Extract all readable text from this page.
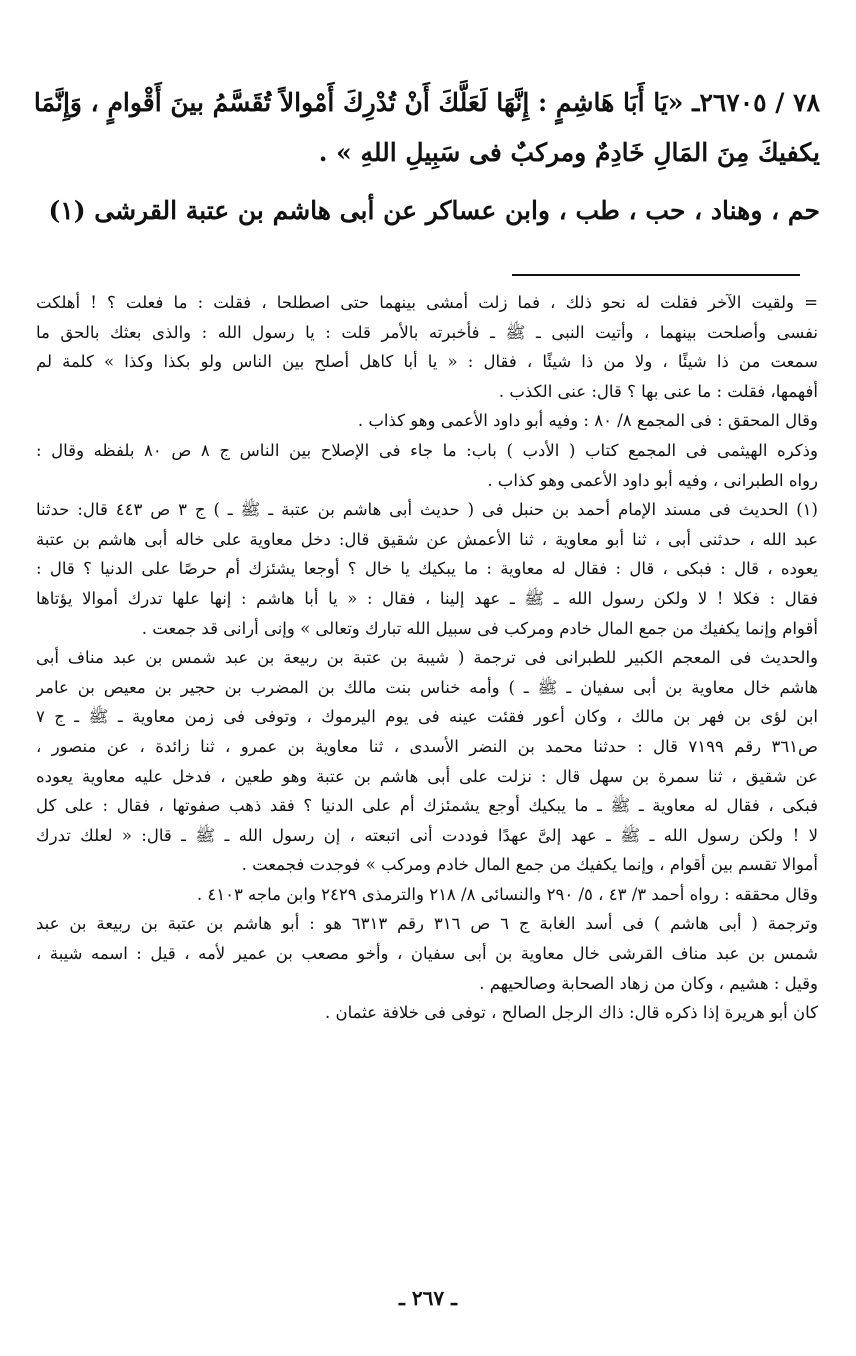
٧٨ / ٢٦٧٠٥ـ «يَا أَبَا هَاشِمٍ : إِنَّهَا لَعَلَّكَ أَنْ تُدْرِكَ أَمْوالاً تُقَسَّمُ بينَ أَقْوامٍ ، وَإِنَّمَا
يكفيكَ مِنَ المَالِ خَادِمٌ ومركبٌ فى سَبِيلِ اللهِ » .
حم ، وهناد ، حب ، طب ، وابن عساكر عن أبى هاشم بن عتبة القرشى (١)
= ولقيت الآخر فقلت له نحو ذلك ، فما زلت أمشى بينهما حتى اصطلحا ، فقلت : ما فعلت ؟ ! أهلكت
نفسى وأصلحت بينهما ، وأتيت النبى ـ ﷺ ـ فأخبرته بالأمر قلت : يا رسول الله : والذى بعثك بالحق ما
سمعت من ذا شيئًا ، ولا من ذا شيئًا ، فقال : « يا أبا كاهل أصلح بين الناس ولو بكذا وكذا » كلمة لم
أفهمها، فقلت : ما عنى بها ؟ قال: عنى الكذب .
وقال المحقق : فى المجمع ٨/ ٨٠ : وفيه أبو داود الأعمى وهو كذاب .
وذكره الهيثمى فى المجمع كتاب ( الأدب ) باب: ما جاء فى الإصلاح بين الناس ج ٨ ص ٨٠ بلفظه وقال :
رواه الطبرانى ، وفيه أبو داود الأعمى وهو كذاب .
(١) الحديث فى مسند الإمام أحمد بن حنبل فى ( حديث أبى هاشم بن عتبة ـ ﷺ ـ ) ج ٣ ص ٤٤٣ قال: حدثنا
عبد الله ، حدثنى أبى ، ثنا أبو معاوية ، ثنا الأعمش عن شقيق قال: دخل معاوية على خاله أبى هاشم بن عتبة
يعوده ، قال : فبكى ، قال : فقال له معاوية : ما يبكيك يا خال ؟ أوجعا يشئزك أم حرصًا على الدنيا ؟ قال :
فقال : فكلا ! لا ولكن رسول الله ـ ﷺ ـ عهد إلينا ، فقال : « يا أبا هاشم : إنها علها تدرك أموالا يؤتاها
أقوام وإنما يكفيك من جمع المال خادم ومركب فى سبيل الله تبارك وتعالى » وإنى أرانى قد جمعت .
والحديث فى المعجم الكبير للطبرانى فى ترجمة ( شيبة بن عتبة بن ربيعة بن عبد شمس بن عبد مناف أبى
هاشم خال معاوية بن أبى سفيان ـ ﷺ ـ ) وأمه خناس بنت مالك بن المضرب بن حجير بن معيص بن عامر
ابن لؤى بن فهر بن مالك ، وكان أعور فقئت عينه فى يوم اليرموك ، وتوفى فى زمن معاوية ـ ﷺ ـ ج ٧
ص٣٦١ رقم ٧١٩٩ قال : حدثنا محمد بن النضر الأسدى ، ثنا معاوية بن عمرو ، ثنا زائدة ، عن منصور ،
عن شقيق ، ثنا سمرة بن سهل قال : نزلت على أبى هاشم بن عتبة وهو طعين ، فدخل عليه معاوية يعوده
فبكى ، فقال له معاوية ـ ﷺ ـ ما يبكيك أوجع يشمئزك أم على الدنيا ؟ فقد ذهب صفوتها ، فقال : على كل
لا ! ولكن رسول الله ـ ﷺ ـ عهد إلىَّ عهدًا فوددت أنى اتبعته ، إن رسول الله ـ ﷺ ـ قال: « لعلك تدرك
أموالا تقسم بين أقوام ، وإنما يكفيك من جمع المال خادم ومركب » فوجدت فجمعت .
وقال محققه : رواه أحمد ٣/ ٤٣ ، ٥/ ٢٩٠ والنسائى ٨/ ٢١٨ والترمذى ٢٤٢٩ وابن ماجه ٤١٠٣ .
وترجمة ( أبى هاشم ) فى أسد الغابة ج ٦ ص ٣١٦ رقم ٦٣١٣ هو : أبو هاشم بن عتبة بن ربيعة بن عبد
شمس بن عبد مناف القرشى خال معاوية بن أبى سفيان ، وأخو مصعب بن عمير لأمه ، قيل : اسمه شيبة ،
وقيل : هشيم ، وكان من زهاد الصحابة وصالحيهم .
كان أبو هريرة إذا ذكره قال: ذاك الرجل الصالح ، توفى فى خلافة عثمان .
ـ ٢٦٧ ـ
